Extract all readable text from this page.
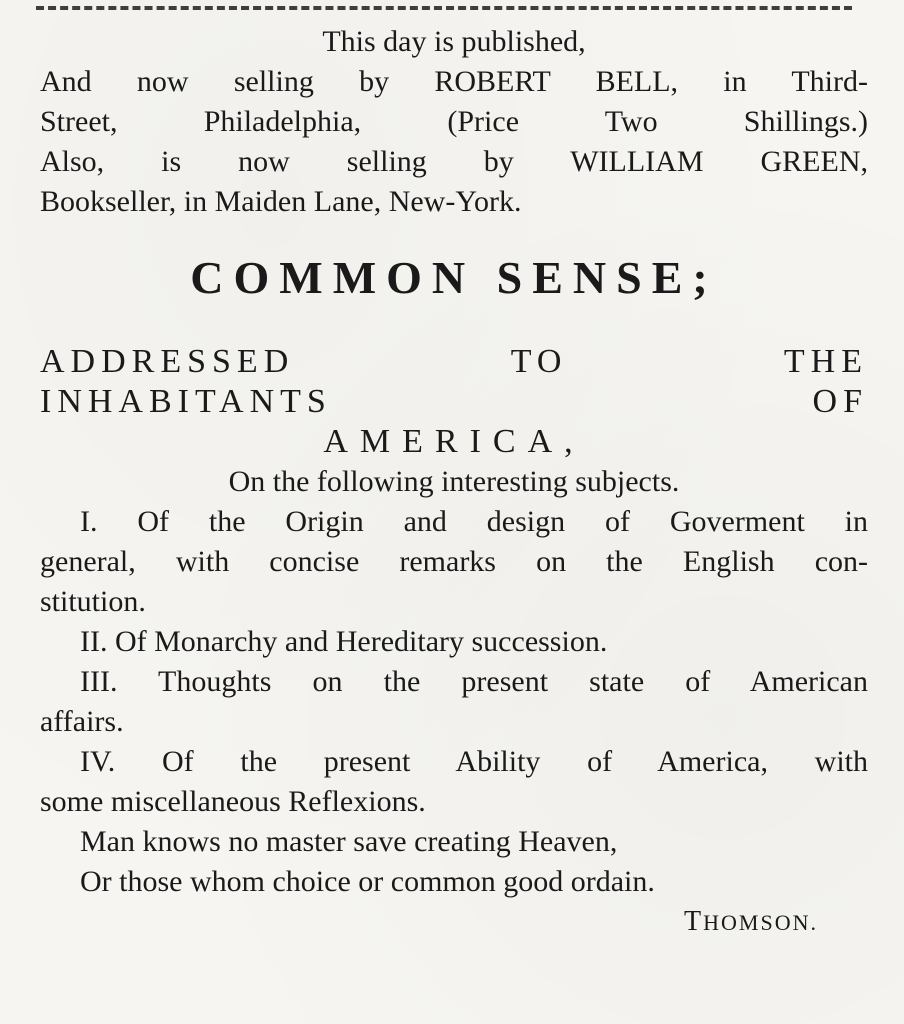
This day is published,
And now selling by ROBERT BELL, in Third-
Street, Philadelphia, (Price Two Shillings.)
Also, is now selling by WILLIAM GREEN,
Bookseller, in Maiden Lane, New-York.
COMMON SENSE;
ADDRESSED TO THE
INHABITANTS OF
AMERICA,
On the following interesting subjects.
I. Of the Origin and design of Goverment in
general, with concise remarks on the English con-
stitution.
II. Of Monarchy and Hereditary succession.
III. Thoughts on the present state of American
affairs.
IV. Of the present Ability of America, with
some miscellaneous Reflexions.
Man knows no master save creating Heaven,
Or those whom choice or common good ordain.
THOMSON.
